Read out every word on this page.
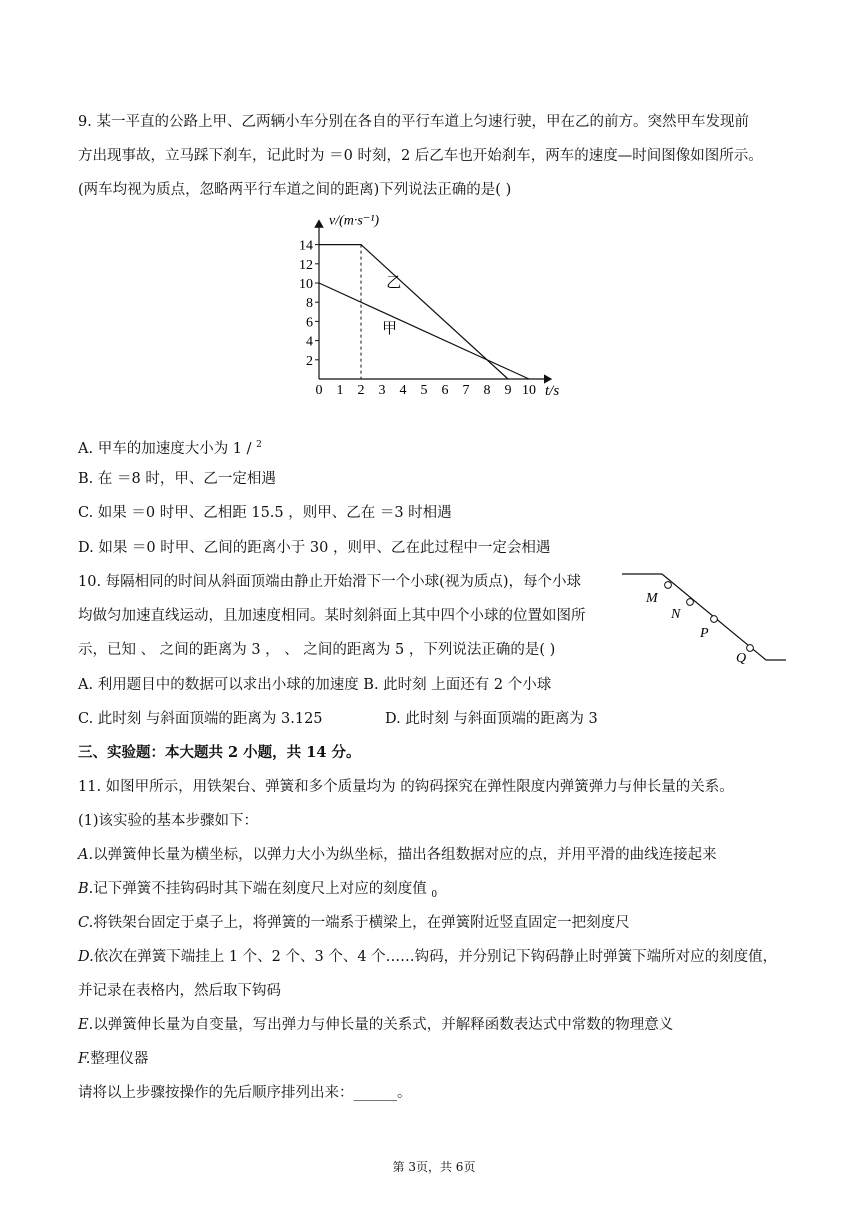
9. 某一平直的公路上甲、乙两辆小车分别在各自的平行车道上匀速行驶，甲在乙的前方。突然甲车发现前
方出现事故，立马踩下刹车，记此时为 ＝0 时刻，2 后乙车也开始刹车，两车的速度—时间图像如图所示。
(两车均视为质点，忽略两平行车道之间的距离)下列说法正确的是( )
0 1 2 3 4 5 6 7 8 9 10
2
4
6
8
10
12
14
v/(m·s⁻¹)
t/s
乙
甲
A. 甲车的加速度大小为 1 / $^2$
B. 在 ＝8 时，甲、乙一定相遇
C. 如果 ＝0 时甲、乙相距 15.5 ，则甲、乙在 ＝3 时相遇
D. 如果 ＝0 时甲、乙间的距离小于 30 ，则甲、乙在此过程中一定会相遇
10. 每隔相同的时间从斜面顶端由静止开始滑下一个小球(视为质点)，每个小球
均做匀加速直线运动，且加速度相同。某时刻斜面上其中四个小球的位置如图所
示，已知 、 之间的距离为 3 ， 、 之间的距离为 5 ，下列说法正确的是( )
A. 利用题目中的数据可以求出小球的加速度 B. 此时刻 上面还有 2 个小球
C. 此时刻 与斜面顶端的距离为 3.125	D. 此时刻 与斜面顶端的距离为 3
M
N
P
Q
三、实验题：本大题共 2 小题，共 14 分。
11. 如图甲所示，用铁架台、弹簧和多个质量均为 的钩码探究在弹性限度内弹簧弹力与伸长量的关系。
(1)该实验的基本步骤如下：
A.以弹簧伸长量为横坐标，以弹力大小为纵坐标，描出各组数据对应的点，并用平滑的曲线连接起来
B.记下弹簧不挂钩码时其下端在刻度尺上对应的刻度值 $_0$
C.将铁架台固定于桌子上，将弹簧的一端系于横梁上，在弹簧附近竖直固定一把刻度尺
D.依次在弹簧下端挂上 1 个、2 个、3 个、4 个……钩码，并分别记下钩码静止时弹簧下端所对应的刻度值，
并记录在表格内，然后取下钩码
E.以弹簧伸长量为自变量，写出弹力与伸长量的关系式，并解释函数表达式中常数的物理意义
F.整理仪器
请将以上步骤按操作的先后顺序排列出来：______。
第 3页，共 6页
